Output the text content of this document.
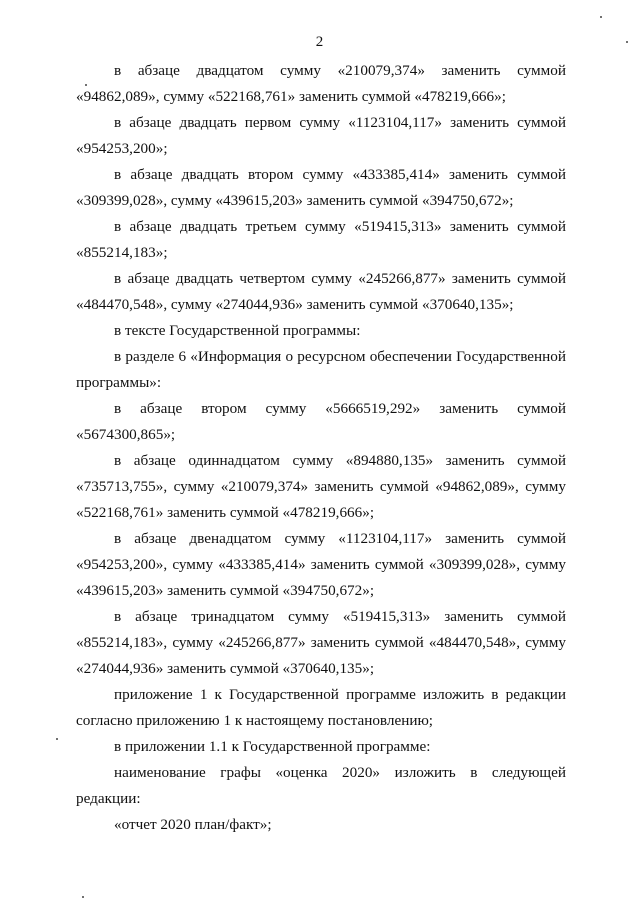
2

в абзаце двадцатом сумму «210079,374» заменить суммой «94862,089», сумму «522168,761» заменить суммой «478219,666»;

в абзаце двадцать первом сумму «1123104,117» заменить суммой «954253,200»;

в абзаце двадцать втором сумму «433385,414» заменить суммой «309399,028», сумму «439615,203» заменить суммой «394750,672»;

в абзаце двадцать третьем сумму «519415,313» заменить суммой «855214,183»;

в абзаце двадцать четвертом сумму «245266,877» заменить суммой «484470,548», сумму «274044,936» заменить суммой «370640,135»;

в тексте Государственной программы:

в разделе 6 «Информация о ресурсном обеспечении Государственной программы»:

в абзаце втором сумму «5666519,292» заменить суммой «5674300,865»;

в абзаце одиннадцатом сумму «894880,135» заменить суммой «735713,755», сумму «210079,374» заменить суммой «94862,089», сумму «522168,761» заменить суммой «478219,666»;

в абзаце двенадцатом сумму «1123104,117» заменить суммой «954253,200», сумму «433385,414» заменить суммой «309399,028», сумму «439615,203» заменить суммой «394750,672»;

в абзаце тринадцатом сумму «519415,313» заменить суммой «855214,183», сумму «245266,877» заменить суммой «484470,548», сумму «274044,936» заменить суммой «370640,135»;

приложение 1 к Государственной программе изложить в редакции согласно приложению 1 к настоящему постановлению;

в приложении 1.1 к Государственной программе:

наименование графы «оценка 2020» изложить в следующей редакции:

«отчет 2020 план/факт»;
